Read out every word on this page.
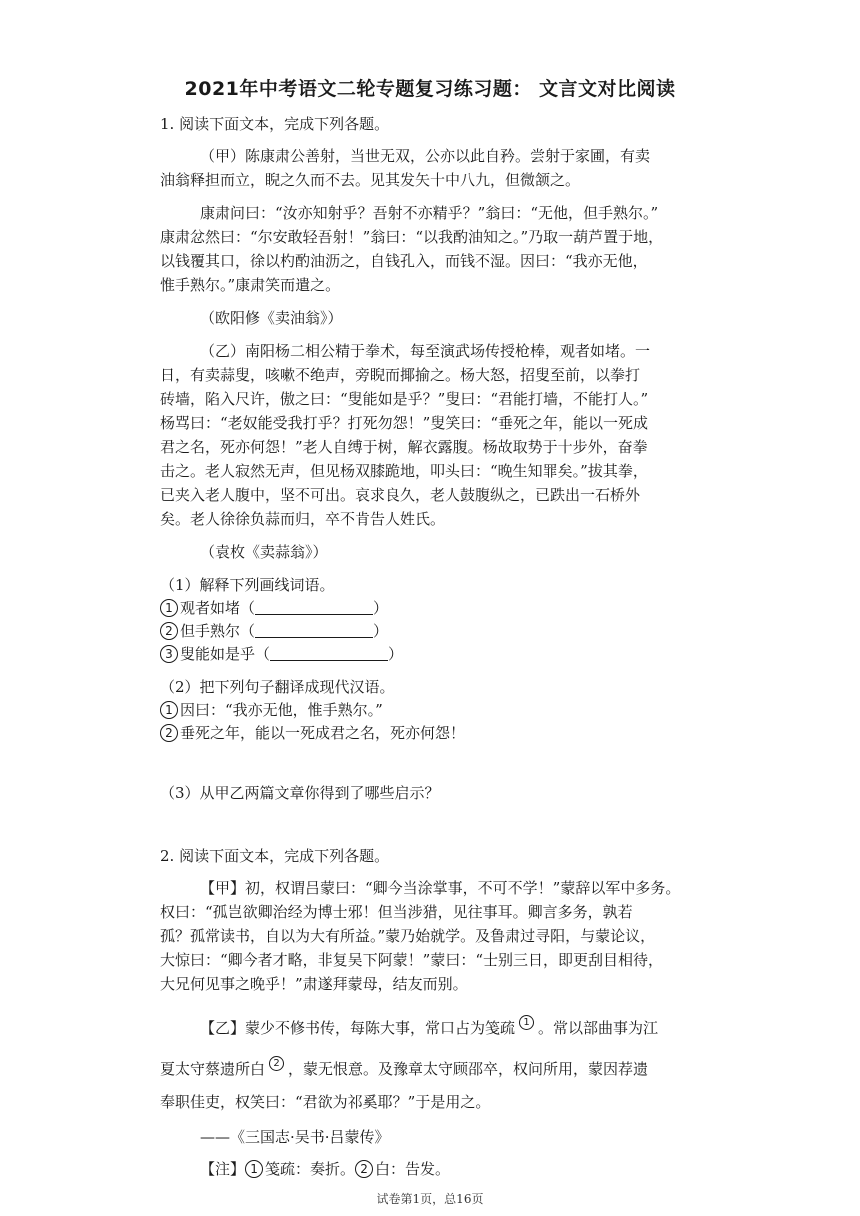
2021年中考语文二轮专题复习练习题： 文言文对比阅读
1. 阅读下面文本，完成下列各题。
（甲）陈康肃公善射，当世无双，公亦以此自矜。尝射于家圃，有卖
油翁释担而立，睨之久而不去。见其发矢十中八九，但微颔之。
康肃问曰：“汝亦知射乎？吾射不亦精乎？”翁曰：“无他，但手熟尔。”
康肃忿然曰：“尔安敢轻吾射！”翁曰：“以我酌油知之。”乃取一葫芦置于地，
以钱覆其口，徐以杓酌油沥之，自钱孔入，而钱不湿。因曰：“我亦无他，
惟手熟尔。”康肃笑而遣之。
（欧阳修《卖油翁》）
（乙）南阳杨二相公精于拳术，每至演武场传授枪棒，观者如堵。一
日，有卖蒜叟，咳嗽不绝声，旁睨而揶揄之。杨大怒，招叟至前，以拳打
砖墙，陷入尺许，傲之曰：“叟能如是乎？”叟曰：“君能打墙，不能打人。”
杨骂曰：“老奴能受我打乎？打死勿怨！”叟笑曰：“垂死之年，能以一死成
君之名，死亦何怨！”老人自缚于树，解衣露腹。杨故取势于十步外，奋拳
击之。老人寂然无声，但见杨双膝跪地，叩头曰：“晚生知罪矣。”拔其拳，
已夹入老人腹中，坚不可出。哀求良久，老人鼓腹纵之，已跌出一石桥外
矣。老人徐徐负蒜而归，卒不肯告人姓氏。
（袁枚《卖蒜翁》）
（1）解释下列画线词语。
1 观者如堵（	）
2 但手熟尔（	）
3 叟能如是乎（	）
（2）把下列句子翻译成现代汉语。
1 因曰：“我亦无他，惟手熟尔。”
2 垂死之年，能以一死成君之名，死亦何怨！
（3）从甲乙两篇文章你得到了哪些启示？
2. 阅读下面文本，完成下列各题。
【甲】初，权谓吕蒙曰：“卿今当涂掌事，不可不学！”蒙辞以军中多务。
权曰：“孤岂欲卿治经为博士邪！但当涉猎，见往事耳。卿言多务，孰若
孤？孤常读书，自以为大有所益。”蒙乃始就学。及鲁肃过寻阳，与蒙论议，
大惊曰：“卿今者才略，非复吴下阿蒙！”蒙曰：“士别三日，即更刮目相待，
大兄何见事之晚乎！”肃遂拜蒙母，结友而别。
【乙】蒙少不修书传，每陈大事，常口占为笺疏 1 。常以部曲事为江
夏太守蔡遗所白 2 ，蒙无恨意。及豫章太守顾邵卒，权问所用，蒙因荐遗
奉职佳吏，权笑曰：“君欲为祁奚耶？”于是用之。
——《三国志·吴书·吕蒙传》
【注】 1 笺疏：奏折。 2 白：告发。
试卷第1页，总16页
